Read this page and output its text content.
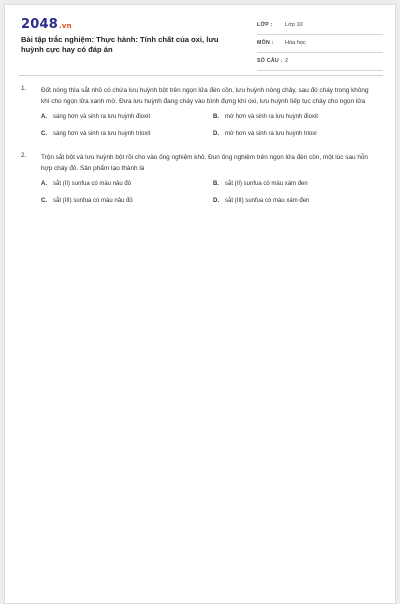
2048.vn
Bài tập trắc nghiệm: Thực hành: Tính chất của oxi, lưu huỳnh cực hay có đáp án
LỚP : Lớp 10
MÔN : Hóa học
SỐ CÂU : 2
1. Đốt nóng thìa sắt nhỏ có chứa lưu huỳnh bột trên ngọn lửa đèn cồn, lưu huỳnh nóng chảy, sau đó cháy trong không khí cho ngọn lửa xanh mờ. Đưa lưu huỳnh đang cháy vào bình đựng khí oxi, lưu huỳnh tiếp tục cháy cho ngọn lửa
A.	sáng hơn và sinh ra lưu huỳnh đioxit	B.	mờ hơn và sinh ra lưu huỳnh đioxit
C.	sáng hơn và sinh ra lưu huỳnh trioxit	D.	mờ hơn và sinh ra lưu huỳnh trioxi
2. Trộn sắt bột và lưu huỳnh bột rồi cho vào ống nghiệm khô. Đun ống nghiệm trên ngọn lửa đèn cồn, một lúc sau hỗn hợp cháy đỏ. Sản phẩm tạo thành là
A.	sắt (II) sunfua có màu nâu đỏ	B.	sắt (II) sunfua có màu xám đen
C.	sắt (III) sunfua có màu nâu đỏ	D.	sắt (III) sunfua có màu xám đen
